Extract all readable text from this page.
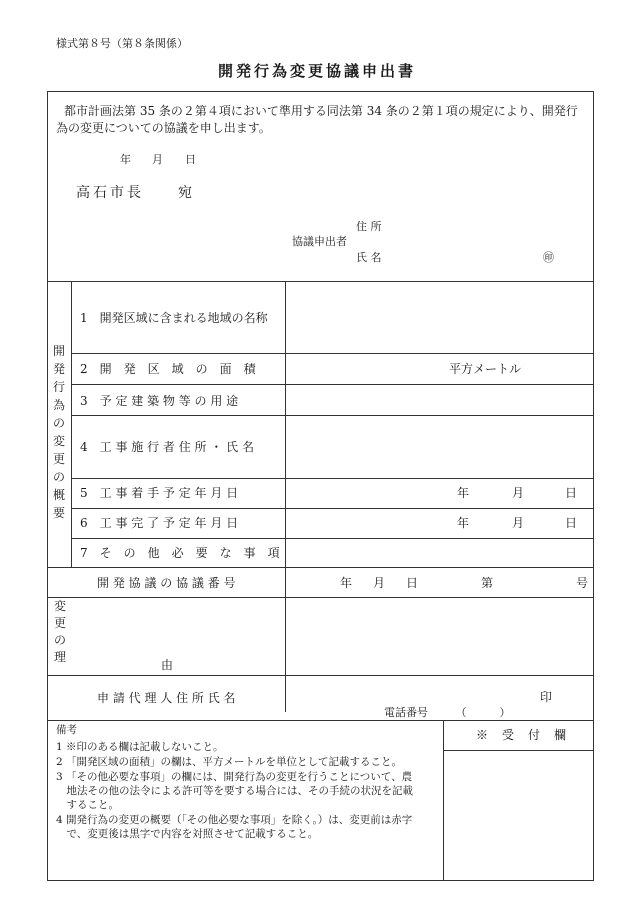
様式第８号（第８条関係）
開発行為変更協議申出書
都市計画法第 35 条の２第４項において準用する同法第 34 条の２第１項の規定により、開発行
為の変更についての協議を申し出ます。
年 月 日
高石市長　　宛
住 所
協議申出者
氏 名	㊞
開
発
行
為
の
変
更
の
概
要
1　開発区域に含まれる地域の名称
2　開　発　区　域　の　面　積	平方メートル
3　予 定 建 築 物 等 の 用 途
4　工 事 施 行 者 住 所 ・ 氏 名
5　工 事 着 手 予 定 年 月 日	年	月	日
6　工 事 完 了 予 定 年 月 日	年	月	日
7　そ　の　他　必　要　な　事　項
開 発 協 議 の 協 議 番 号	年 月 日	第	号
変
更
の
理
由
申 請 代 理 人 住 所 氏 名	印
電話番号　　　（　　　）
備考
1 ※印のある欄は記載しないこと。
2 「開発区域の面積」の欄は、平方メートルを単位として記載すること。
3 「その他必要な事項」の欄には、開発行為の変更を行うことについて、農
　地法その他の法令による許可等を要する場合には、その手続の状況を記載
　すること。
4 開発行為の変更の概要（「その他必要な事項」を除く。）は、変更前は赤字
　で、変更後は黒字で内容を対照させて記載すること。
※　受　付　欄
